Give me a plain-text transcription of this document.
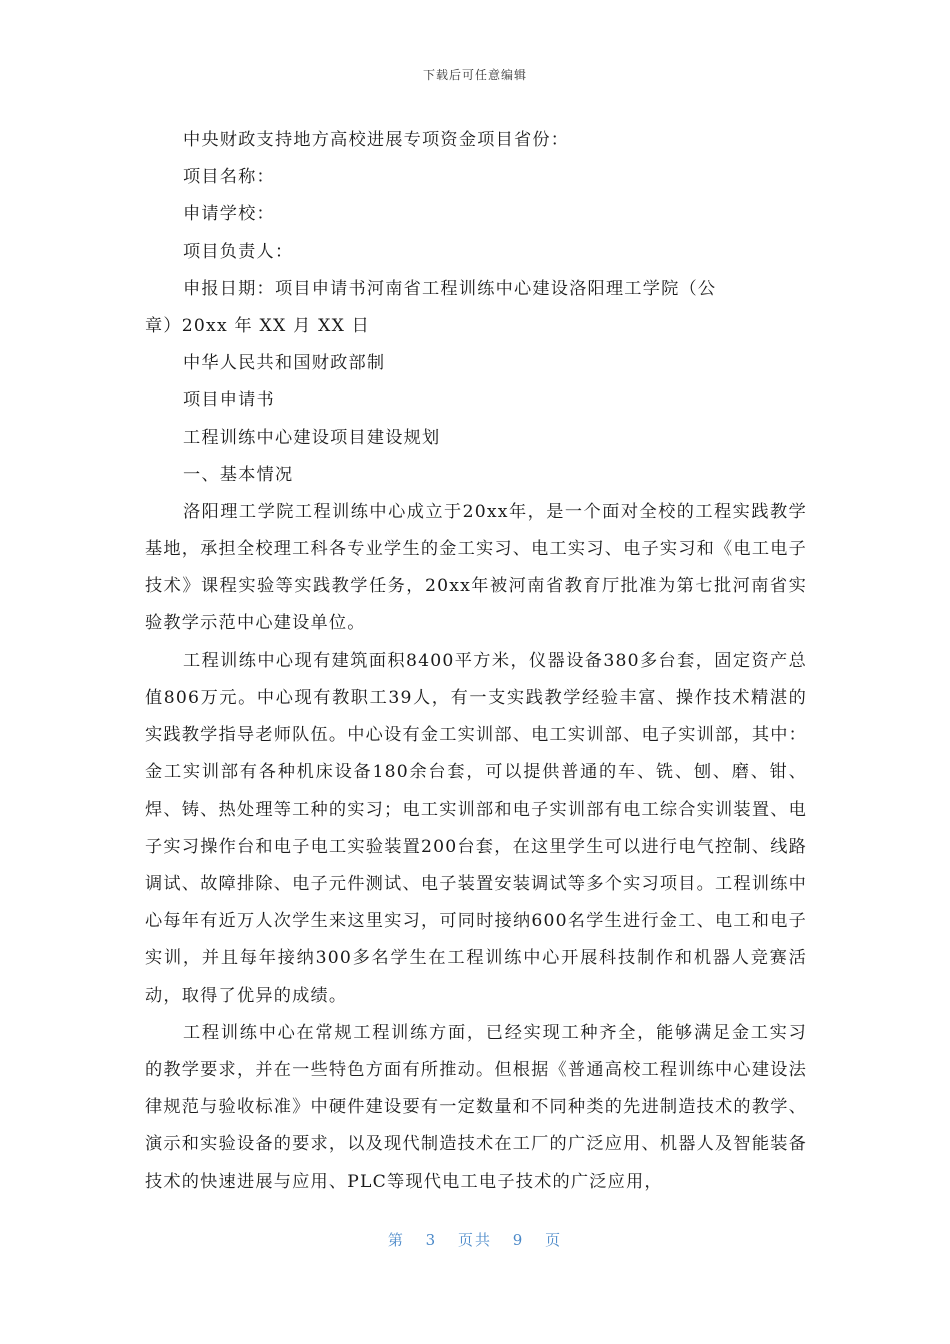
下载后可任意编辑
中央财政支持地方高校进展专项资金项目省份：
项目名称：
申请学校：
项目负责人：
申报日期：项目申请书河南省工程训练中心建设洛阳理工学院（公
章）20xx 年 XX 月 XX 日
中华人民共和国财政部制
项目申请书
工程训练中心建设项目建设规划
一、基本情况

洛阳理工学院工程训练中心成立于20xx年，是一个面对全校的工程实践教学基地，承担全校理工科各专业学生的金工实习、电工实习、电子实习和《电工电子技术》课程实验等实践教学任务，20xx年被河南省教育厅批准为第七批河南省实验教学示范中心建设单位。

工程训练中心现有建筑面积8400平方米，仪器设备380多台套，固定资产总值806万元。中心现有教职工39人，有一支实践教学经验丰富、操作技术精湛的实践教学指导老师队伍。中心设有金工实训部、电工实训部、电子实训部，其中：金工实训部有各种机床设备180余台套，可以提供普通的车、铣、刨、磨、钳、焊、铸、热处理等工种的实习；电工实训部和电子实训部有电工综合实训装置、电子实习操作台和电子电工实验装置200台套，在这里学生可以进行电气控制、线路调试、故障排除、电子元件测试、电子装置安装调试等多个实习项目。工程训练中心每年有近万人次学生来这里实习，可同时接纳600名学生进行金工、电工和电子实训，并且每年接纳300多名学生在工程训练中心开展科技制作和机器人竞赛活动，取得了优异的成绩。

工程训练中心在常规工程训练方面，已经实现工种齐全，能够满足金工实习的教学要求，并在一些特色方面有所推动。但根据《普通高校工程训练中心建设法律规范与验收标准》中硬件建设要有一定数量和不同种类的先进制造技术的教学、演示和实验设备的要求，以及现代制造技术在工厂的广泛应用、机器人及智能装备技术的快速进展与应用、PLC等现代电工电子技术的广泛应用，

第 3 页共 9 页
